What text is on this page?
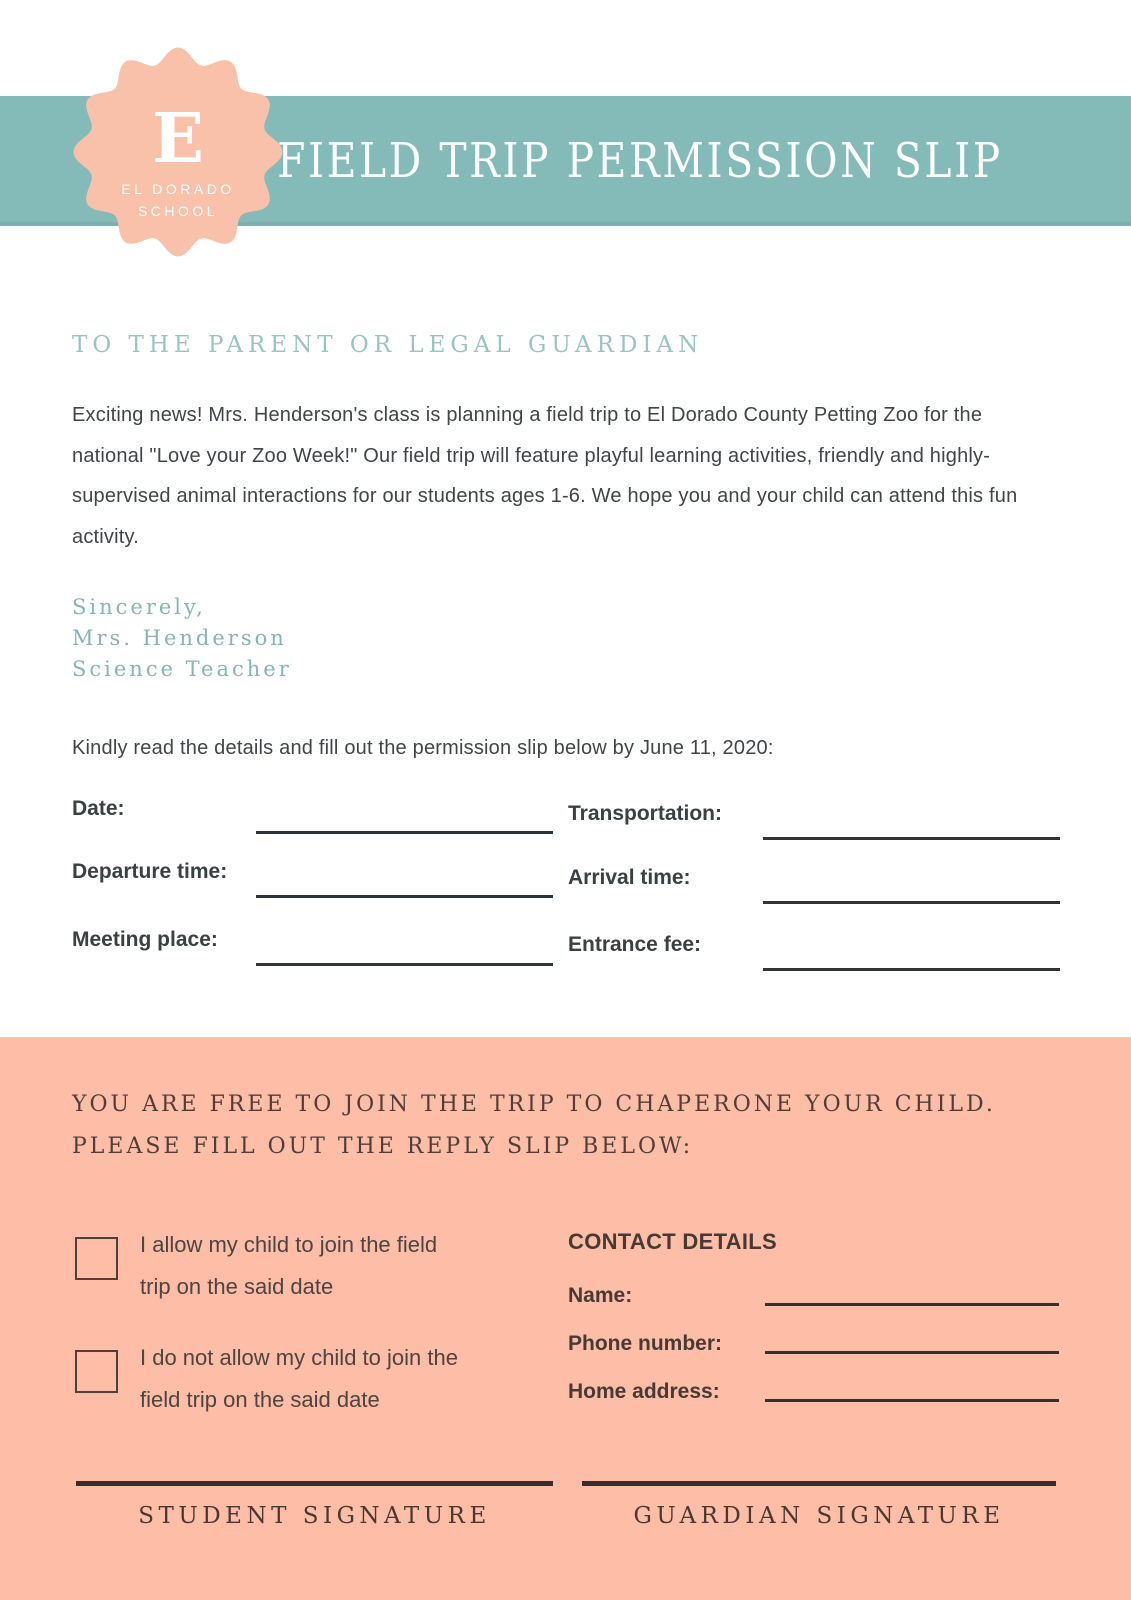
FIELD TRIP PERMISSION SLIP
E
EL DORADO
SCHOOL
TO THE PARENT OR LEGAL GUARDIAN

Exciting news! Mrs. Henderson's class is planning a field trip to El Dorado County Petting Zoo for the national "Love your Zoo Week!" Our field trip will feature playful learning activities, friendly and highly-supervised animal interactions for our students ages 1-6. We hope you and your child can attend this fun activity.

Sincerely,
Mrs. Henderson
Science Teacher
Kindly read the details and fill out the permission slip below by June 11, 2020:
Date:
Departure time:
Meeting place:
Transportation:
Arrival time:
Entrance fee:
YOU ARE FREE TO JOIN THE TRIP TO CHAPERONE YOUR CHILD.
PLEASE FILL OUT THE REPLY SLIP BELOW:
I allow my child to join the field
trip on the said date
I do not allow my child to join the
field trip on the said date
CONTACT DETAILS
Name:
Phone number:
Home address:
STUDENT SIGNATURE	GUARDIAN SIGNATURE
